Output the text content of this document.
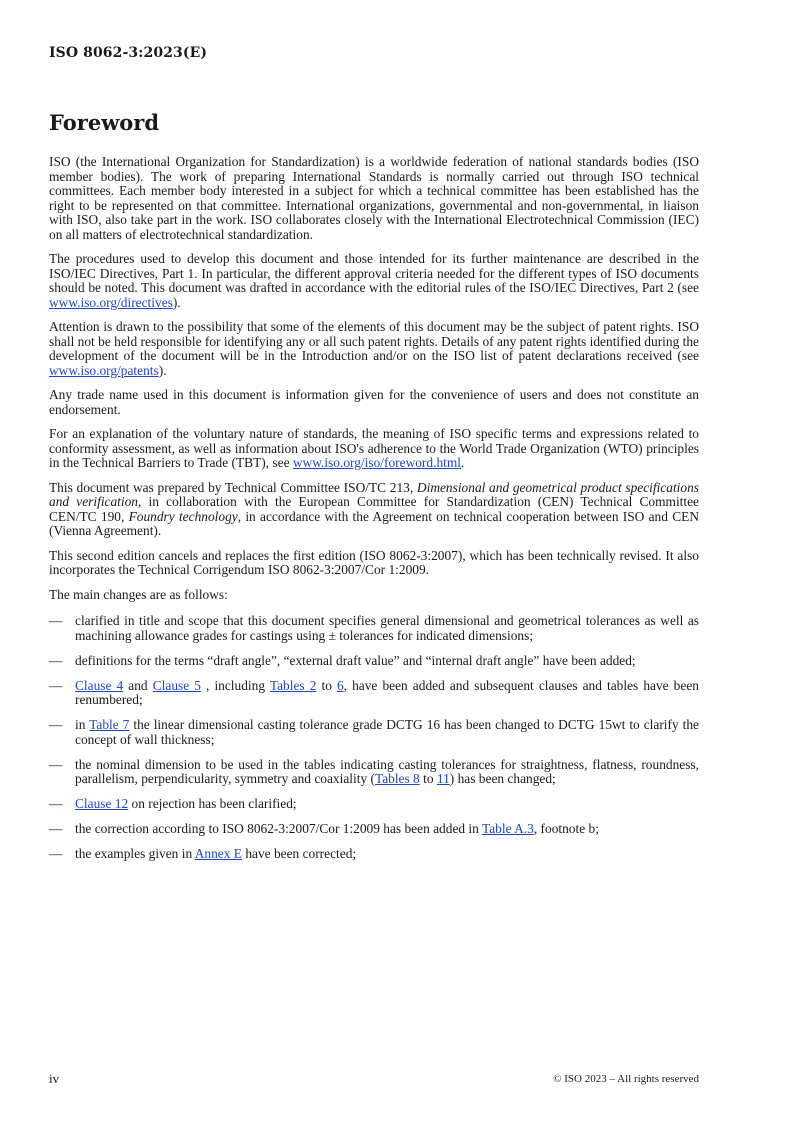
ISO 8062-3:2023(E)
Foreword

ISO (the International Organization for Standardization) is a worldwide federation of national standards bodies (ISO member bodies). The work of preparing International Standards is normally carried out through ISO technical committees. Each member body interested in a subject for which a technical committee has been established has the right to be represented on that committee. International organizations, governmental and non-governmental, in liaison with ISO, also take part in the work. ISO collaborates closely with the International Electrotechnical Commission (IEC) on all matters of electrotechnical standardization.

The procedures used to develop this document and those intended for its further maintenance are described in the ISO/IEC Directives, Part 1. In particular, the different approval criteria needed for the different types of ISO documents should be noted. This document was drafted in accordance with the editorial rules of the ISO/IEC Directives, Part 2 (see www.iso.org/directives).

Attention is drawn to the possibility that some of the elements of this document may be the subject of patent rights. ISO shall not be held responsible for identifying any or all such patent rights. Details of any patent rights identified during the development of the document will be in the Introduction and/or on the ISO list of patent declarations received (see www.iso.org/patents).

Any trade name used in this document is information given for the convenience of users and does not constitute an endorsement.

For an explanation of the voluntary nature of standards, the meaning of ISO specific terms and expressions related to conformity assessment, as well as information about ISO's adherence to the World Trade Organization (WTO) principles in the Technical Barriers to Trade (TBT), see www.iso.org/iso/foreword.html.

This document was prepared by Technical Committee ISO/TC 213, Dimensional and geometrical product specifications and verification, in collaboration with the European Committee for Standardization (CEN) Technical Committee CEN/TC 190, Foundry technology, in accordance with the Agreement on technical cooperation between ISO and CEN (Vienna Agreement).

This second edition cancels and replaces the first edition (ISO 8062-3:2007), which has been technically revised. It also incorporates the Technical Corrigendum ISO 8062-3:2007/Cor 1:2009.

The main changes are as follows:

— clarified in title and scope that this document specifies general dimensional and geometrical tolerances as well as machining allowance grades for castings using ± tolerances for indicated dimensions;
— definitions for the terms “draft angle”, “external draft value” and “internal draft angle” have been added;
— Clause 4 and Clause 5 , including Tables 2 to 6, have been added and subsequent clauses and tables have been renumbered;
— in Table 7 the linear dimensional casting tolerance grade DCTG 16 has been changed to DCTG 15wt to clarify the concept of wall thickness;
— the nominal dimension to be used in the tables indicating casting tolerances for straightness, flatness, roundness, parallelism, perpendicularity, symmetry and coaxiality (Tables 8 to 11) has been changed;
— Clause 12 on rejection has been clarified;
— the correction according to ISO 8062-3:2007/Cor 1:2009 has been added in Table A.3, footnote b;
— the examples given in Annex E have been corrected;
iv	© ISO 2023 – All rights reserved
